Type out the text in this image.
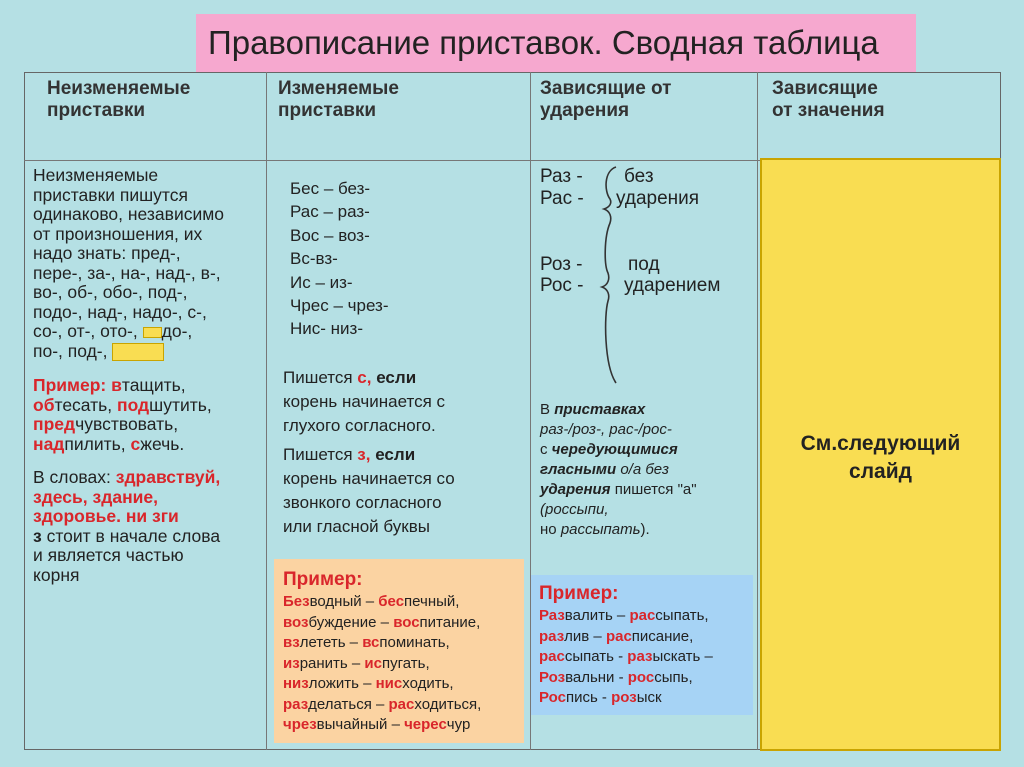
Правописание приставок. Сводная таблица
Неизменяемые
приставки
Изменяемые
приставки
Зависящие от
ударения
Зависящие
от значения
Неизменяемые
приставки пишутся
одинаково, независимо
от произношения, их
надо знать: пред-,
пере-, за-, на-, над-, в-,
во-, об-, обо-, под-,
подо-, над-, надо-, с-,
со-, от-, ото-, до-,
по-, под-,
Пример: втащить,
обтесать, подшутить,
предчувствовать,
надпилить, сжечь.
В словах: здравствуй,
здесь, здание,
здоровье. ни зги
з стоит в начале слова
и является частью
корня
Бес – без-
Рас – раз-
Вос – воз-
Вс-вз-
Ис – из-
Чрес – чрез-
Нис- низ-
Пишется с, если
корень начинается с
глухого согласного.
Пишется з, если
корень начинается со
звонкого согласного
или гласной буквы
Пример:
Безводный – беспечный,
возбуждение – воспитание,
взлететь – вспоминать,
изранить – испугать,
низложить – нисходить,
разделаться – расходиться,
чрезвычайный – чересчур
Раз -
Рас -
Роз -
Рос -
без
ударения
под
ударением
В приставках
раз-/роз-, рас-/рос-
с чередующимися
гласными о/а без
ударения пишется "а"
(россыпи,
но рассыпать).
Пример:
Развалить – рассыпать,
разлив – расписание,
рассыпать - разыскать –
Розвальни - россыпь,
Роспись - розыск
См.следующий
слайд
